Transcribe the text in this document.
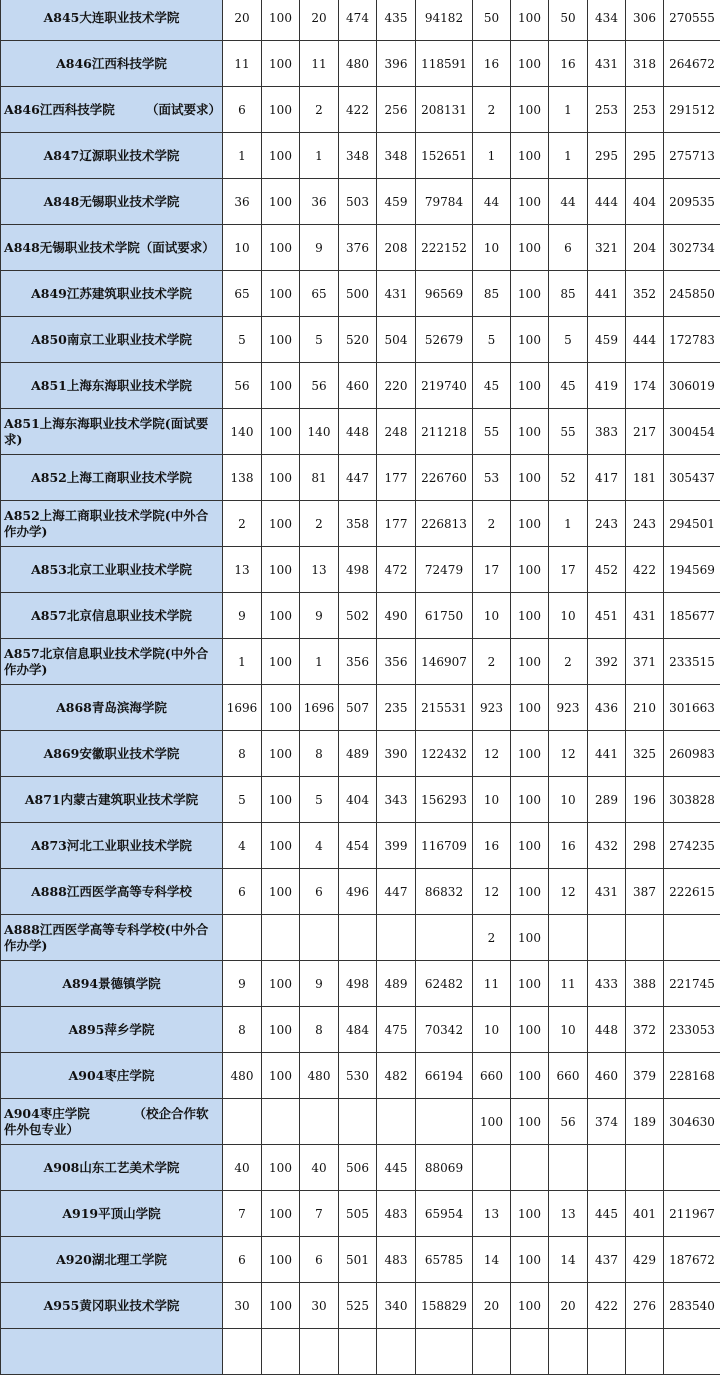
A845大连职业技术学院	20	100	20	474	435	94182	50	100	50	434	306	270555
A846江西科技学院	11	100	11	480	396	118591	16	100	16	431	318	264672
A846江西科技学院　　　（面试要求）	6	100	2	422	256	208131	2	100	1	253	253	291512
A847辽源职业技术学院	1	100	1	348	348	152651	1	100	1	295	295	275713
A848无锡职业技术学院	36	100	36	503	459	79784	44	100	44	444	404	209535
A848无锡职业技术学院（面试要求）	10	100	9	376	208	222152	10	100	6	321	204	302734
A849江苏建筑职业技术学院	65	100	65	500	431	96569	85	100	85	441	352	245850
A850南京工业职业技术学院	5	100	5	520	504	52679	5	100	5	459	444	172783
A851上海东海职业技术学院	56	100	56	460	220	219740	45	100	45	419	174	306019
A851上海东海职业技术学院(面试要求)	140	100	140	448	248	211218	55	100	55	383	217	300454
A852上海工商职业技术学院	138	100	81	447	177	226760	53	100	52	417	181	305437
A852上海工商职业技术学院(中外合作办学)	2	100	2	358	177	226813	2	100	1	243	243	294501
A853北京工业职业技术学院	13	100	13	498	472	72479	17	100	17	452	422	194569
A857北京信息职业技术学院	9	100	9	502	490	61750	10	100	10	451	431	185677
A857北京信息职业技术学院(中外合作办学)	1	100	1	356	356	146907	2	100	2	392	371	233515
A868青岛滨海学院	1696	100	1696	507	235	215531	923	100	923	436	210	301663
A869安徽职业技术学院	8	100	8	489	390	122432	12	100	12	441	325	260983
A871内蒙古建筑职业技术学院	5	100	5	404	343	156293	10	100	10	289	196	303828
A873河北工业职业技术学院	4	100	4	454	399	116709	16	100	16	432	298	274235
A888江西医学高等专科学校	6	100	6	496	447	86832	12	100	12	431	387	222615
A888江西医学高等专科学校(中外合作办学)							2	100				
A894景德镇学院	9	100	9	498	489	62482	11	100	11	433	388	221745
A895萍乡学院	8	100	8	484	475	70342	10	100	10	448	372	233053
A904枣庄学院	480	100	480	530	482	66194	660	100	660	460	379	228168
A904枣庄学院　　　　（校企合作软件外包专业）							100	100	56	374	189	304630
A908山东工艺美术学院	40	100	40	506	445	88069						
A919平顶山学院	7	100	7	505	483	65954	13	100	13	445	401	211967
A920湖北理工学院	6	100	6	501	483	65785	14	100	14	437	429	187672
A955黄冈职业技术学院	30	100	30	525	340	158829	20	100	20	422	276	283540
